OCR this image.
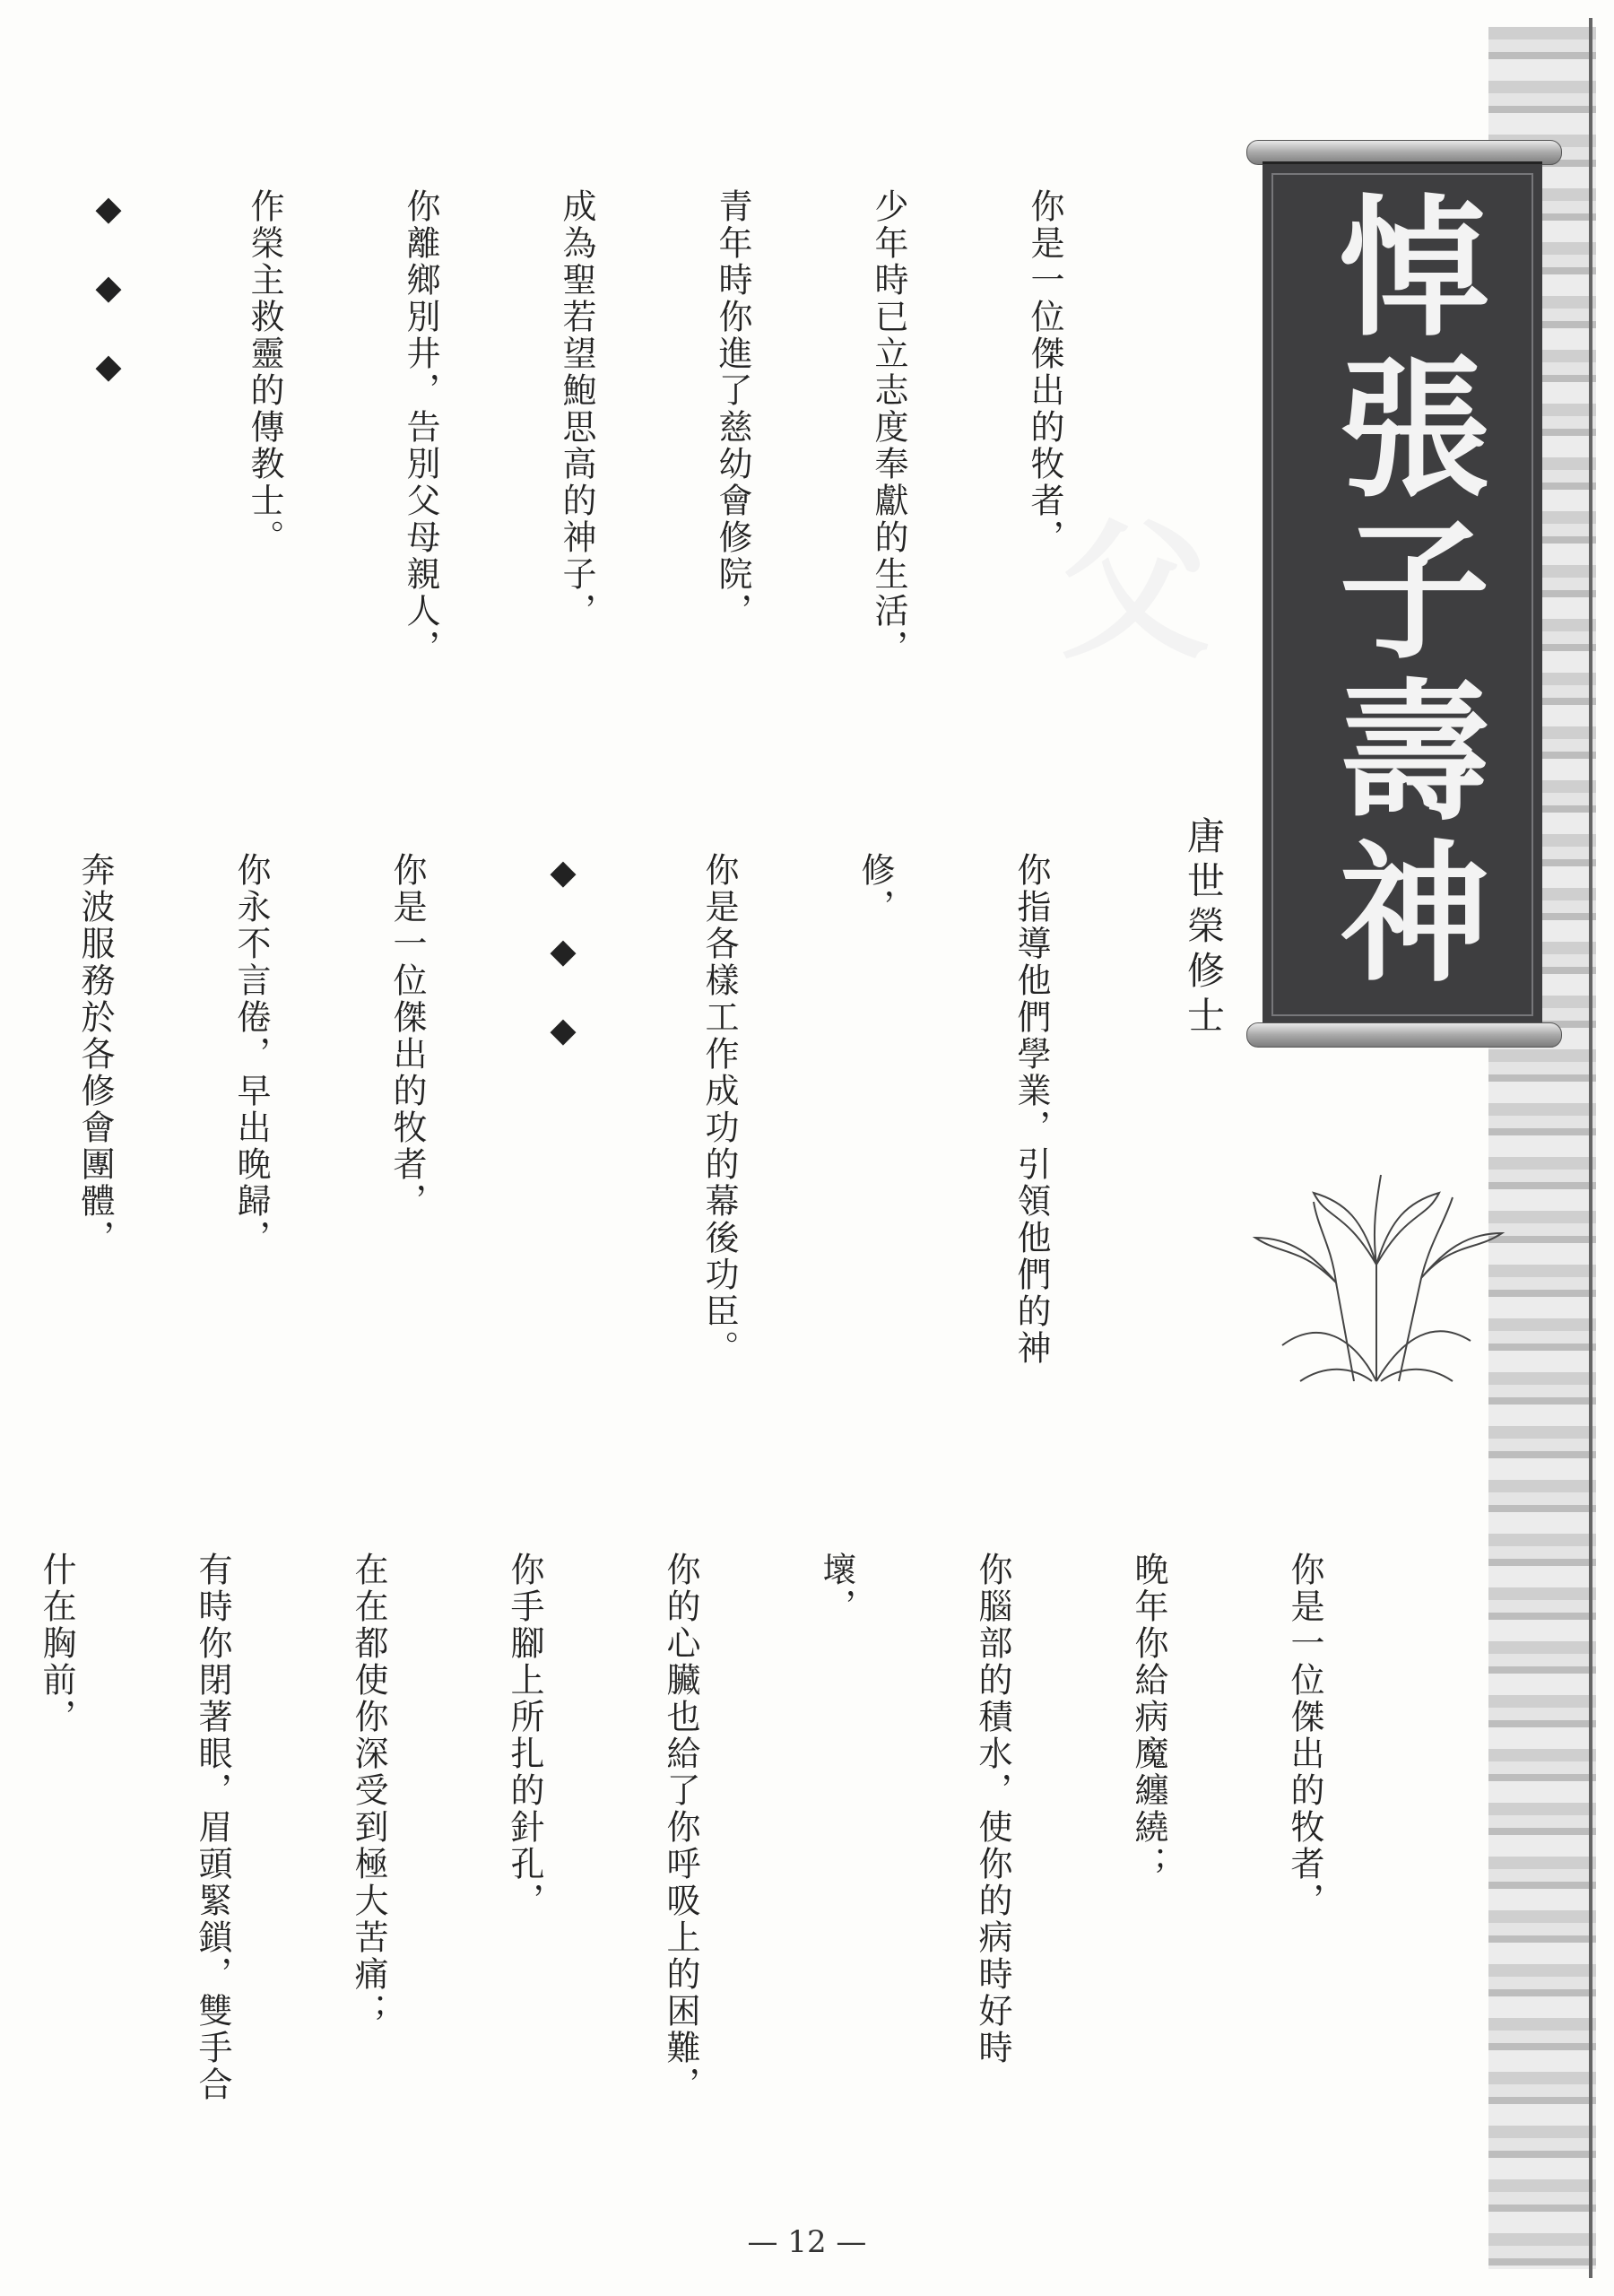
悼張子壽神父
唐世榮修士

你是一位傑出的牧者，

少年時已立志度奉獻的生活，

青年時你進了慈幼會修院，

成為聖若望鮑思高的神子，

你離鄉別井，告別父母親人，

作榮主救靈的傳教士。

◆　◆　◆

你指導他們學業，引領他們的神

修，

你是各樣工作成功的幕後功臣。

◆　◆　◆

你是一位傑出的牧者，

你永不言倦，早出晚歸，

奔波服務於各修會團體，

你是一位傑出的牧者，

晚年你給病魔纏繞；

你腦部的積水，使你的病時好時

壞，

你的心臟也給了你呼吸上的困難，

你手腳上所扎的針孔，

在在都使你深受到極大苦痛；

有時你閉著眼，眉頭緊鎖，雙手合

什在胸前，

— 12 —
